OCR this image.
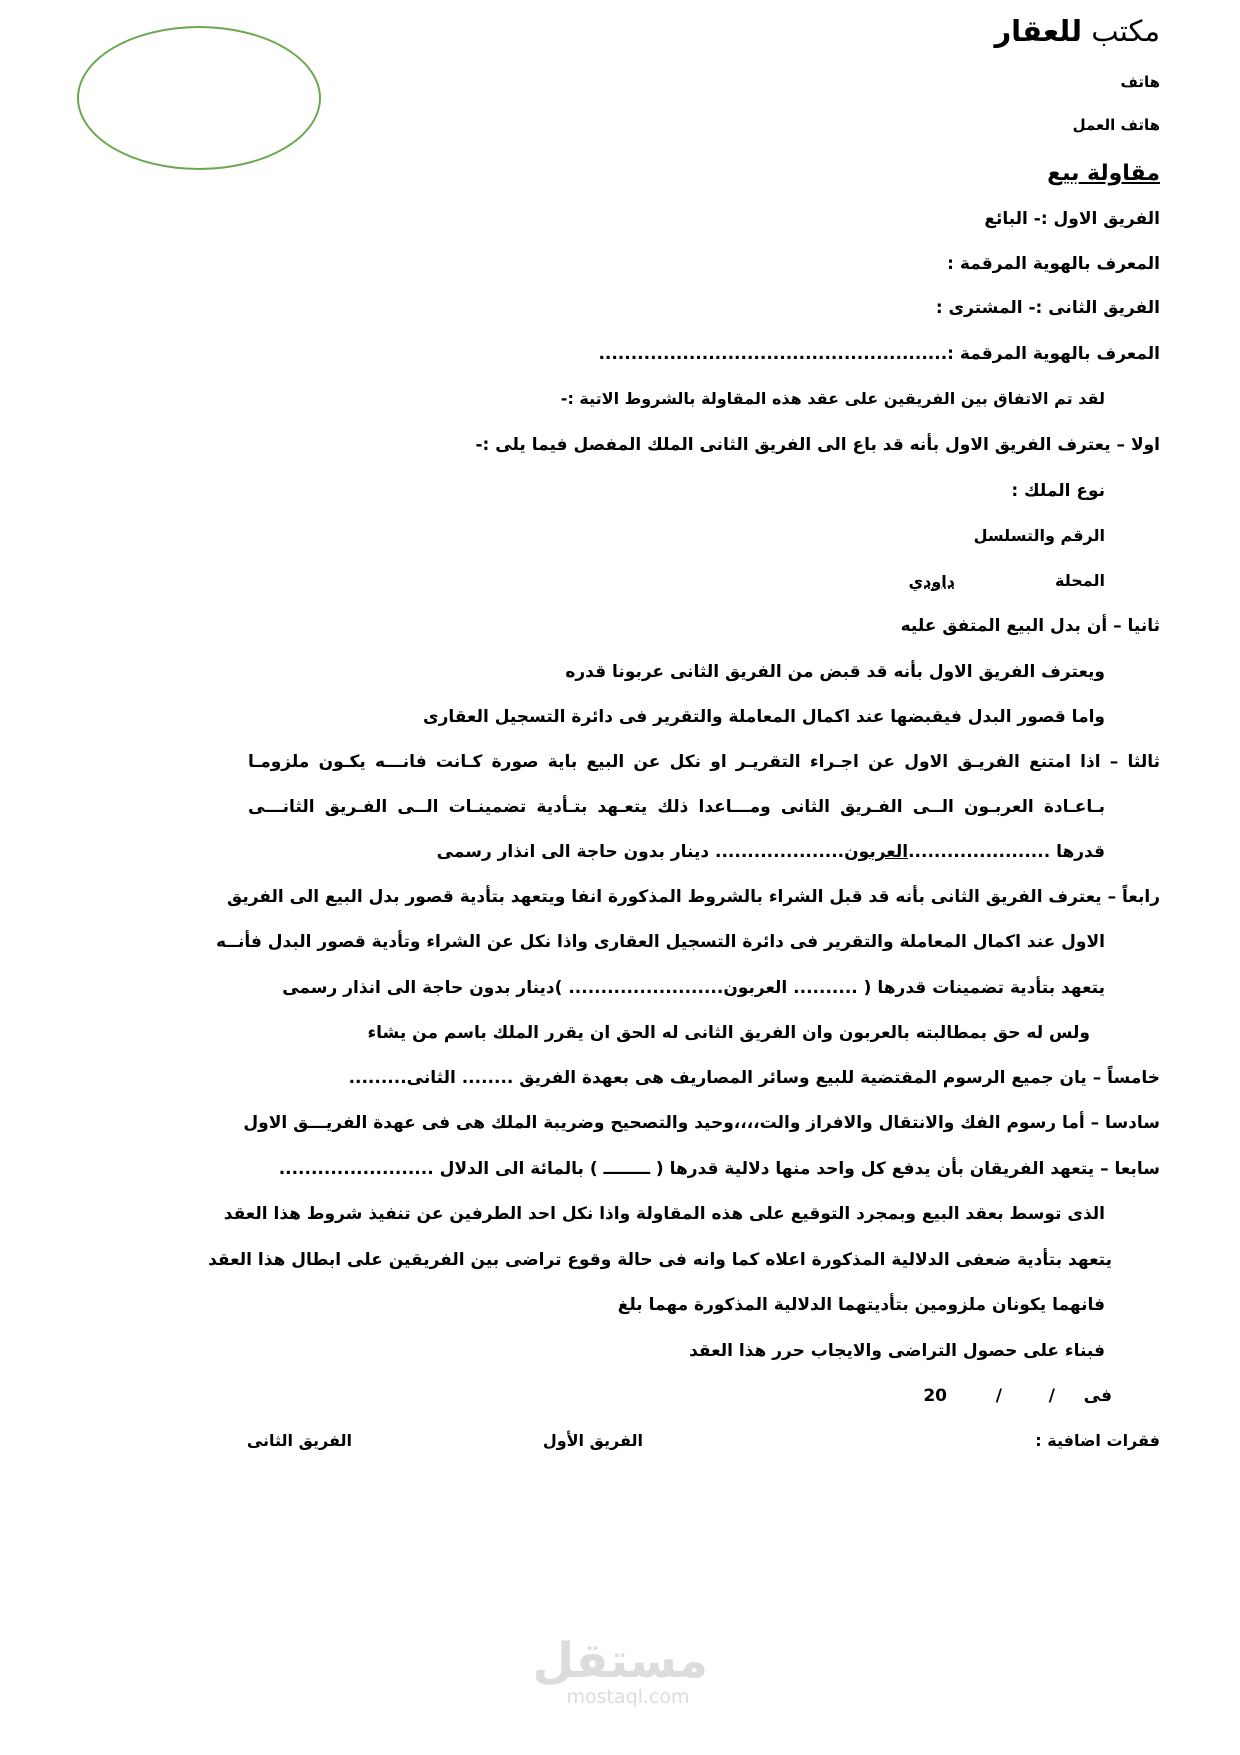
مكتب للعقار
هاتف
هاتف العمل
مقاولة بيع
الفريق الاول :- البائع
المعرف بالهوية المرقمة :
الفريق الثانى :- المشترى :
المعرف بالهوية المرقمة :......................................................
لقد تم الاتفاق بين الفريقين على عقد هذه المقاولة بالشروط الاتية :-
اولا – يعترف الفريق الاول بأنه قد باع الى الفريق الثانى الملك المفصل فيما يلى :-
نوع الملك :
الرقم والتسلسل
المحلة
داودي
ثانيا – أن بدل البيع المتفق عليه
ويعترف الفريق الاول بأنه قد قبض من الفريق الثانى عربونا قدره
واما قصور البدل فيقبضها عند اكمال المعاملة والتقرير فى دائرة التسجيل العقارى
ثالثا – اذا امتنع الفريـق الاول عن اجـراء التقريـر او نكل عن البيع باية صورة كـانت فانـــه يكـون ملزومـا
بـاعـادة العربـون الــى الفـريق الثانى ومـــاعدا ذلك يتعـهد بتـأدية تضمينـات الــى الفـريق الثانـــى
قدرها ......................العربون.................... دينار بدون حاجة الى انذار رسمى
رابعاً – يعترف الفريق الثانى بأنه قد قبل الشراء بالشروط المذكورة انفا ويتعهد بتأدية قصور بدل البيع الى الفريق
الاول عند اكمال المعاملة والتقرير فى دائرة التسجيل العقارى واذا نكل عن الشراء وتأدية قصور البدل فأنــه
يتعهد بتأدية تضمينات قدرها ( .......... العربون........................ )دينار بدون حاجة الى انذار رسمى
ولس له حق بمطالبته بالعربون وان الفريق الثانى له الحق ان يقرر الملك باسم من يشاء
خامساً – يان جميع الرسوم المقتضية للبيع وسائر المصاريف هى بعهدة الفريق ........ الثانى.........
سادسا – أما رسوم الفك والانتقال والافراز والت،،،،وحيد والتصحيح وضريبة الملك هى فى عهدة الفريـــق الاول
سابعا – يتعهد الفريقان بأن يدفع كل واحد منها دلالية قدرها ( ــــــــ ) بالمائة الى الدلال ........................
الذى توسط بعقد البيع وبمجرد التوقيع على هذه المقاولة واذا نكل احد الطرفين عن تنفيذ شروط هذا العقد
يتعهد بتأدية ضعفى الدلالية المذكورة اعلاه كما وانه فى حالة وقوع تراضى بين الفريقين على ابطال هذا العقد
فانهما يكونان ملزومين بتأديتهما الدلالية المذكورة مهما بلغ
فبناء على حصول التراضى والايجاب حرر هذا العقد
فى
/
/
20
فقرات اضافية :
الفريق الأول
الفريق الثانى
مستقل
mostaql.com
